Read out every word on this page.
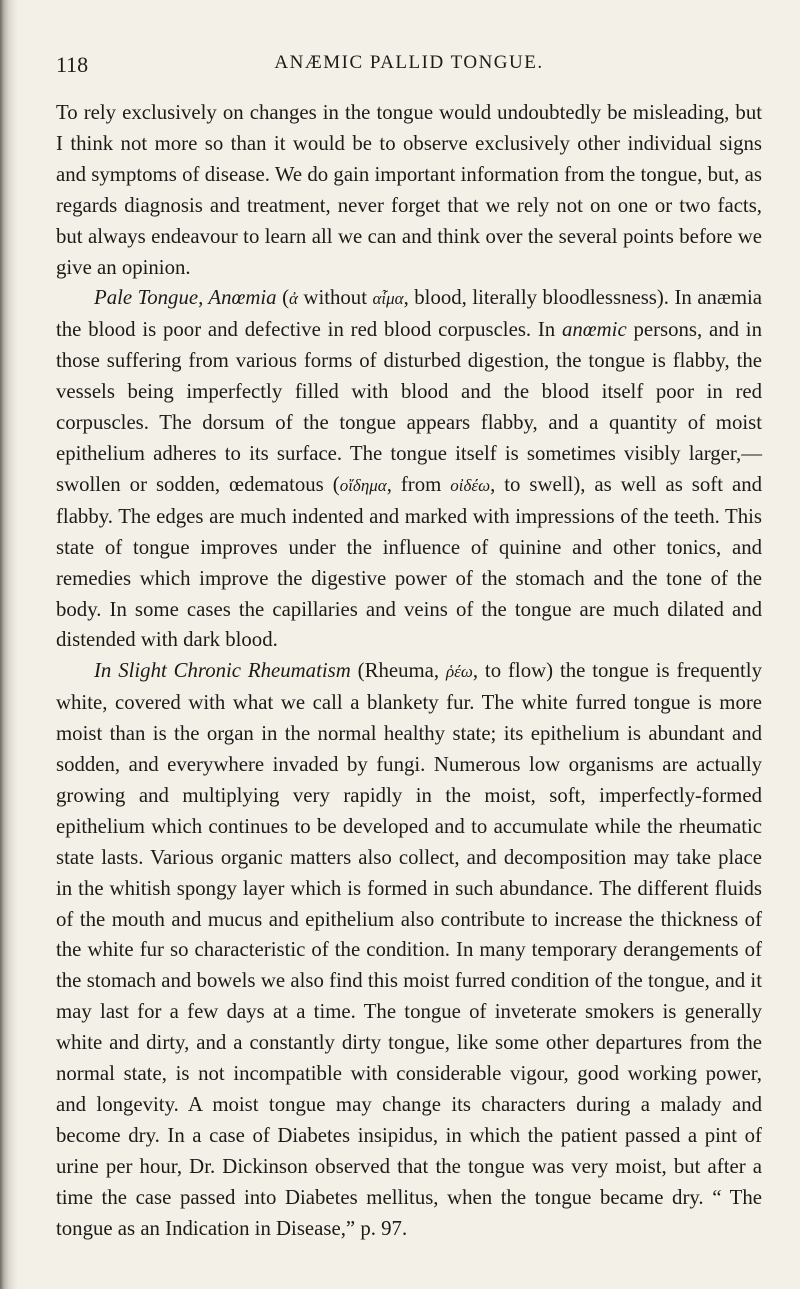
118	ANÆMIC PALLID TONGUE.

To rely exclusively on changes in the tongue would undoubtedly be misleading, but I think not more so than it would be to observe exclusively other individual signs and symptoms of disease. We do gain important information from the tongue, but, as regards diagnosis and treatment, never forget that we rely not on one or two facts, but always endeavour to learn all we can and think over the several points before we give an opinion.

Pale Tongue, Anœmia (ἀ without αἷμα, blood, literally bloodlessness). In anæmia the blood is poor and defective in red blood corpuscles. In anœmic persons, and in those suffering from various forms of disturbed digestion, the tongue is flabby, the vessels being imperfectly filled with blood and the blood itself poor in red corpuscles. The dorsum of the tongue appears flabby, and a quantity of moist epithelium adheres to its surface. The tongue itself is sometimes visibly larger,—swollen or sodden, œdematous (οἴδημα, from οἰδέω, to swell), as well as soft and flabby. The edges are much indented and marked with impressions of the teeth. This state of tongue improves under the influence of quinine and other tonics, and remedies which improve the digestive power of the stomach and the tone of the body. In some cases the capillaries and veins of the tongue are much dilated and distended with dark blood.

In Slight Chronic Rheumatism (Rheuma, ῥέω, to flow) the tongue is frequently white, covered with what we call a blankety fur. The white furred tongue is more moist than is the organ in the normal healthy state; its epithelium is abundant and sodden, and everywhere invaded by fungi. Numerous low organisms are actually growing and multiplying very rapidly in the moist, soft, imperfectly-formed epithelium which continues to be developed and to accumulate while the rheumatic state lasts. Various organic matters also collect, and decomposition may take place in the whitish spongy layer which is formed in such abundance. The different fluids of the mouth and mucus and epithelium also contribute to increase the thickness of the white fur so characteristic of the condition. In many temporary derangements of the stomach and bowels we also find this moist furred condition of the tongue, and it may last for a few days at a time. The tongue of inveterate smokers is generally white and dirty, and a constantly dirty tongue, like some other departures from the normal state, is not incompatible with considerable vigour, good working power, and longevity. A moist tongue may change its characters during a malady and become dry. In a case of Diabetes insipidus, in which the patient passed a pint of urine per hour, Dr. Dickinson observed that the tongue was very moist, but after a time the case passed into Diabetes mellitus, when the tongue became dry. “ The tongue as an Indication in Disease,” p. 97.
